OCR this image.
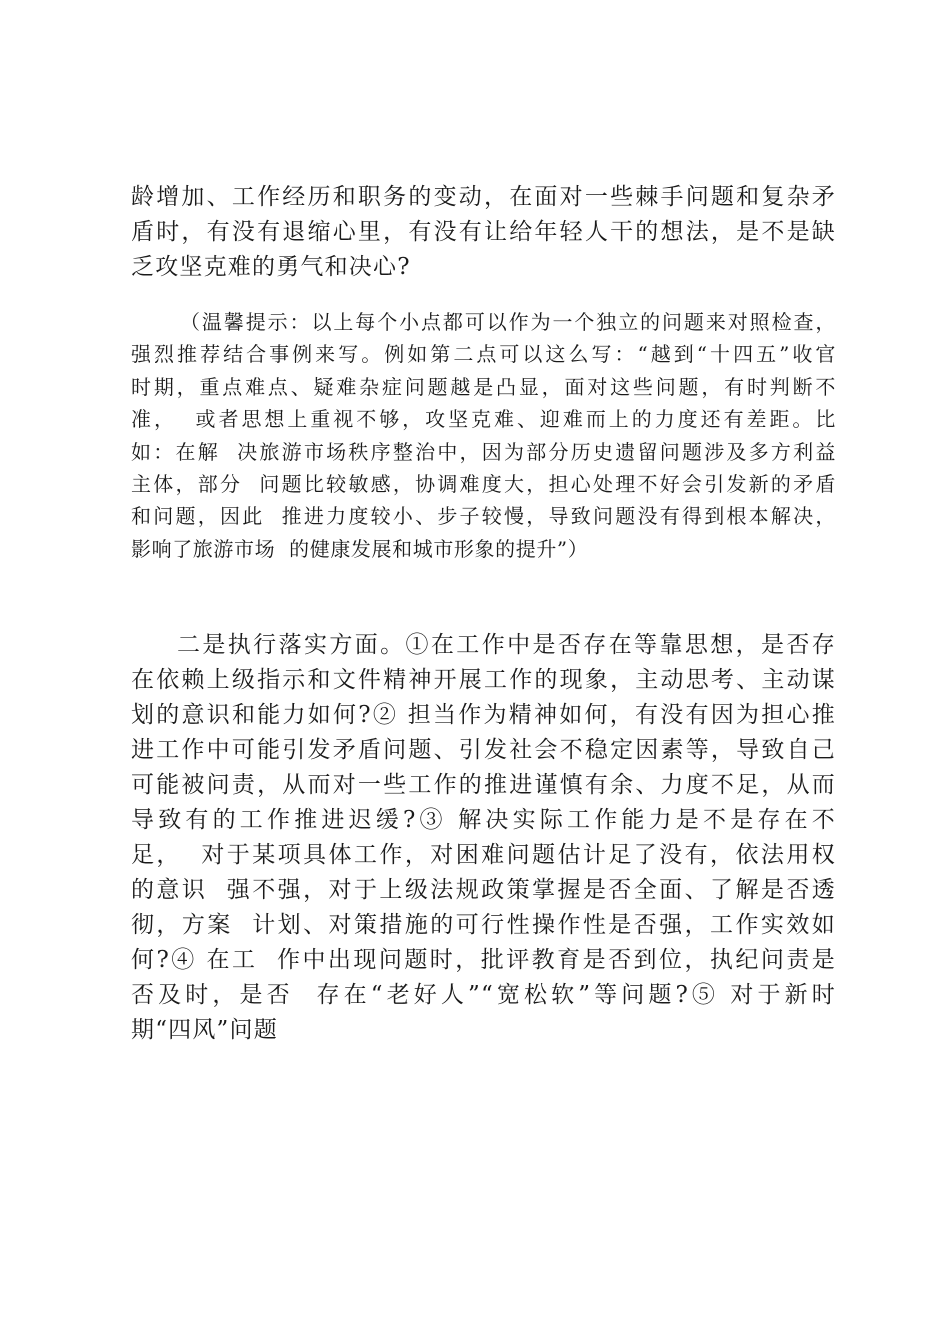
龄增加、工作经历和职务的变动，在面对一些棘手问题和复杂矛
盾时，有没有退缩心里，有没有让给年轻人干的想法，是不是缺
乏攻坚克难的勇气和决心?
（温馨提示：以上每个小点都可以作为一个独立的问题来对照检查，
强烈推荐结合事例来写。例如第二点可以这么写：“越到“十四五”收官
时期，重点难点、疑难杂症问题越是凸显，面对这些问题，有时判断不
准，  或者思想上重视不够，攻坚克难、迎难而上的力度还有差距。比
如：在解  决旅游市场秩序整治中，因为部分历史遗留问题涉及多方利益
主体，部分  问题比较敏感，协调难度大，担心处理不好会引发新的矛盾
和问题，因此  推进力度较小、步子较慢，导致问题没有得到根本解决，
影响了旅游市场  的健康发展和城市形象的提升”）
二是执行落实方面。①在工作中是否存在等靠思想，是否存
在依赖上级指示和文件精神开展工作的现象，主动思考、主动谋
划的意识和能力如何?② 担当作为精神如何，有没有因为担心推
进工作中可能引发矛盾问题、引发社会不稳定因素等，导致自己
可能被问责，从而对一些工作的推进谨慎有余、力度不足，从而
导致有的工作推进迟缓?③ 解决实际工作能力是不是存在不
足，  对于某项具体工作，对困难问题估计足了没有，依法用权
的意识  强不强，对于上级法规政策掌握是否全面、了解是否透
彻，方案  计划、对策措施的可行性操作性是否强，工作实效如
何?④ 在工  作中出现问题时，批评教育是否到位，执纪问责是
否及时，是否  存在“老好人”“宽松软”等问题?⑤ 对于新时
期“四风”问题
